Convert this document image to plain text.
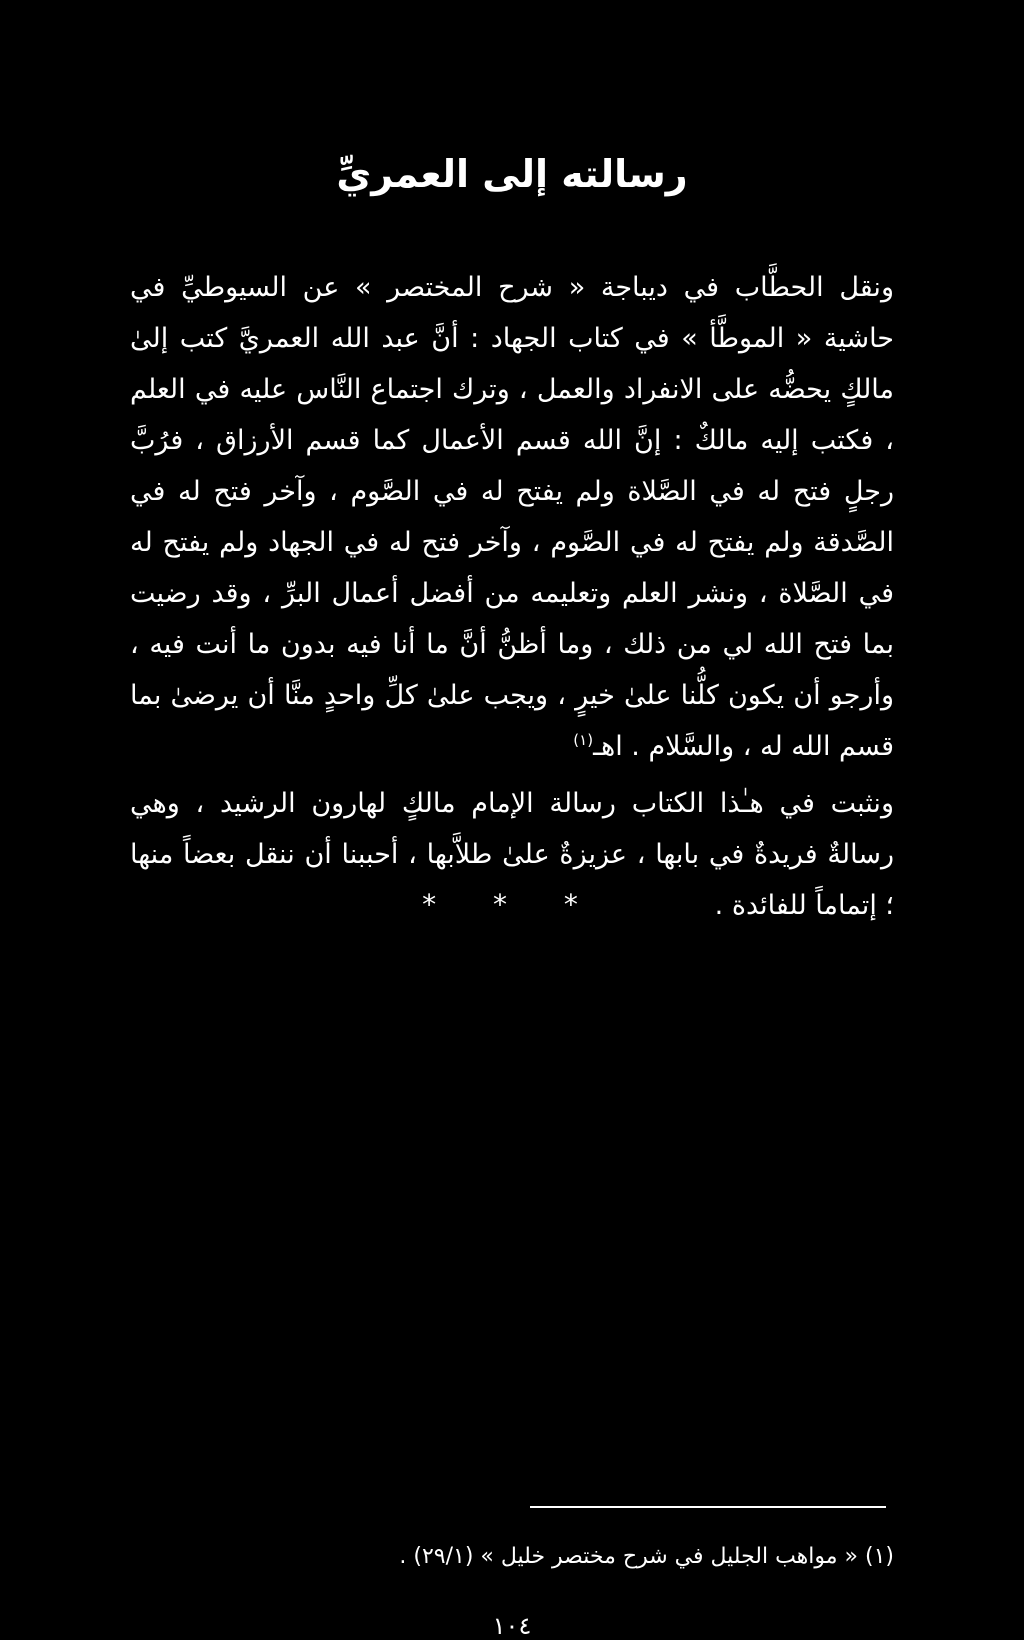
رسالته إلى العمريِّ

ونقل الحطَّاب في ديباجة « شرح المختصر » عن السيوطيِّ في حاشية « الموطَّأ » في كتاب الجهاد : أنَّ عبد الله العمريَّ كتب إلىٰ مالكٍ يحضُّه على الانفراد والعمل ، وترك اجتماع النَّاس عليه في العلم ، فكتب إليه مالكٌ : إنَّ الله قسم الأعمال كما قسم الأرزاق ، فرُبَّ رجلٍ فتح له في الصَّلاة ولم يفتح له في الصَّوم ، وآخر فتح له في الصَّدقة ولم يفتح له في الصَّوم ، وآخر فتح له في الجهاد ولم يفتح له في الصَّلاة ، ونشر العلم وتعليمه من أفضل أعمال البرِّ ، وقد رضيت بما فتح الله لي من ذلك ، وما أظنُّ أنَّ ما أنا فيه بدون ما أنت فيه ، وأرجو أن يكون كلُّنا علىٰ خيرٍ ، ويجب علىٰ كلِّ واحدٍ منَّا أن يرضىٰ بما قسم الله له ، والسَّلام . اهـ$^{(١)}$

ونثبت في هـٰذا الكتاب رسالة الإمام مالكٍ لهارون الرشيد ، وهي رسالةٌ فريدةٌ في بابها ، عزيزةٌ علىٰ طلاَّبها ، أحببنا أن ننقل بعضاً منها ؛ إتماماً للفائدة .

* * *
(١) « مواهب الجليل في شرح مختصر خليل » (٢٩/١) .
١٠٤
